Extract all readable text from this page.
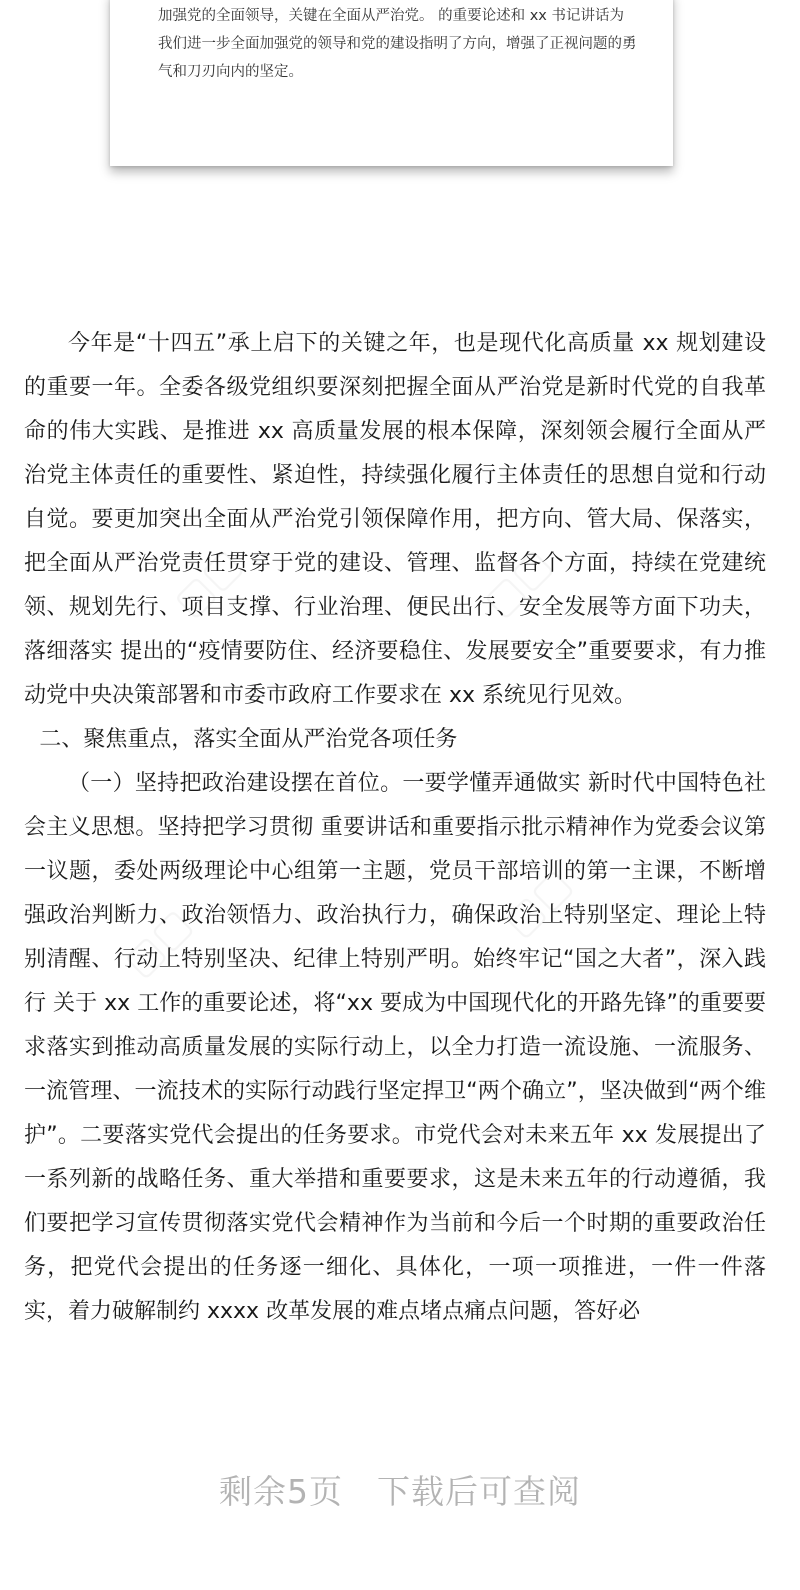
加强党的全面领导，关键在全面从严治党。 的重要论述和 xx 书记讲话为我们进一步全面加强党的领导和党的建设指明了方向，增强了正视问题的勇气和刀刃向内的坚定。

今年是“十四五”承上启下的关键之年，也是现代化高质量 xx 规划建设的重要一年。全委各级党组织要深刻把握全面从严治党是新时代党的自我革命的伟大实践、是推进 xx 高质量发展的根本保障，深刻领会履行全面从严治党主体责任的重要性、紧迫性，持续强化履行主体责任的思想自觉和行动自觉。要更加突出全面从严治党引领保障作用，把方向、管大局、保落实，把全面从严治党责任贯穿于党的建设、管理、监督各个方面，持续在党建统领、规划先行、项目支撑、行业治理、便民出行、安全发展等方面下功夫，落细落实 提出的“疫情要防住、经济要稳住、发展要安全”重要要求，有力推动党中央决策部署和市委市政府工作要求在 xx 系统见行见效。

二、聚焦重点，落实全面从严治党各项任务

（一）坚持把政治建设摆在首位。一要学懂弄通做实 新时代中国特色社会主义思想。坚持把学习贯彻 重要讲话和重要指示批示精神作为党委会议第一议题，委处两级理论中心组第一主题，党员干部培训的第一主课，不断增强政治判断力、政治领悟力、政治执行力，确保政治上特别坚定、理论上特别清醒、行动上特别坚决、纪律上特别严明。始终牢记“国之大者”，深入践行 关于 xx 工作的重要论述，将“xx 要成为中国现代化的开路先锋”的重要要求落实到推动高质量发展的实际行动上，以全力打造一流设施、一流服务、一流管理、一流技术的实际行动践行坚定捍卫“两个确立”，坚决做到“两个维护”。二要落实党代会提出的任务要求。市党代会对未来五年 xx 发展提出了一系列新的战略任务、重大举措和重要要求，这是未来五年的行动遵循，我们要把学习宣传贯彻落实党代会精神作为当前和今后一个时期的重要政治任务，把党代会提出的任务逐一细化、具体化，一项一项推进，一件一件落实，着力破解制约 xxxx 改革发展的难点堵点痛点问题，答好必

剩余5页 下载后可查阅
